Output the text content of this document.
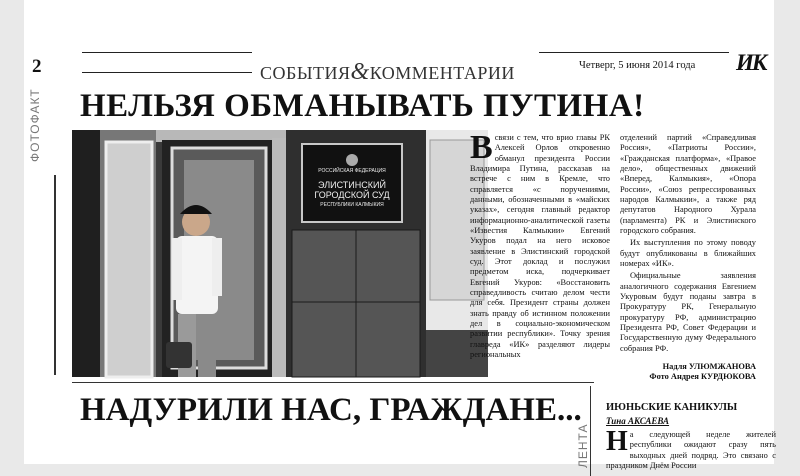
2	СОБЫТИЯ&КОММЕНТАРИИ	Четверг, 5 июня 2014 года ИК
ФОТОФАКТ НЕЛЬЗЯ ОБМАНЫВАТЬ ПУТИНА!
РОССИЙСКАЯ ФЕДЕРАЦИЯ
ЭЛИСТИНСКИЙ
ГОРОДСКОЙ СУД
РЕСПУБЛИКИ КАЛМЫКИЯ
Всвязи с тем, что врио главы РК Алексей Орлов откровенно обманул президента России Владимира Путина, рассказав на встрече с ним в Кремле, что справляется «с поручениями, данными, обозначенными в «майских указах», сегодня главный редактор информационно-аналитической газеты «Известия Калмыкии» Евгений Укуров подал на него исковое заявление в Элистинский городской суд. Этот доклад и послужил предметом иска, подчеркивает Евгений Укуров: «Восстановить справедливость считаю делом чести для себя. Президент страны должен знать правду об истинном положении дел в социально-экономическом развитии республики». Точку зрения главреда «ИК» разделяют лидеры региональных

отделений партий «Справедливая Россия», «Патриоты России», «Гражданская платформа», «Правое дело», общественных движений «Вперед, Калмыкия», «Опора России», «Союз репрессированных народов Калмыкии», а также ряд депутатов Народного Хурала (парламента) РК и Элистинского городского собрания.

Их выступления по этому поводу будут опубликованы в ближайших номерах «ИК».

Официальные заявления аналогичного содержания Евгением Укуровым будут поданы завтра в Прокуратуру РК, Генеральную прокуратуру РФ, администрацию Президента РФ, Совет Федерации и Государственную думу Федерального собрания РФ.

Надля УЛЮМЖАНОВА
Фото Андрея КУРДЮКОВА
НАДУРИЛИ НАС, ГРАЖДАНЕ...
ЛЕНТА
ИЮНЬСКИЕ КАНИКУЛЫ
Тина АКСАЕВА
На следующей неделе жителей республики ожидают сразу пять выходных дней подряд. Это связано с праздником Днём России
